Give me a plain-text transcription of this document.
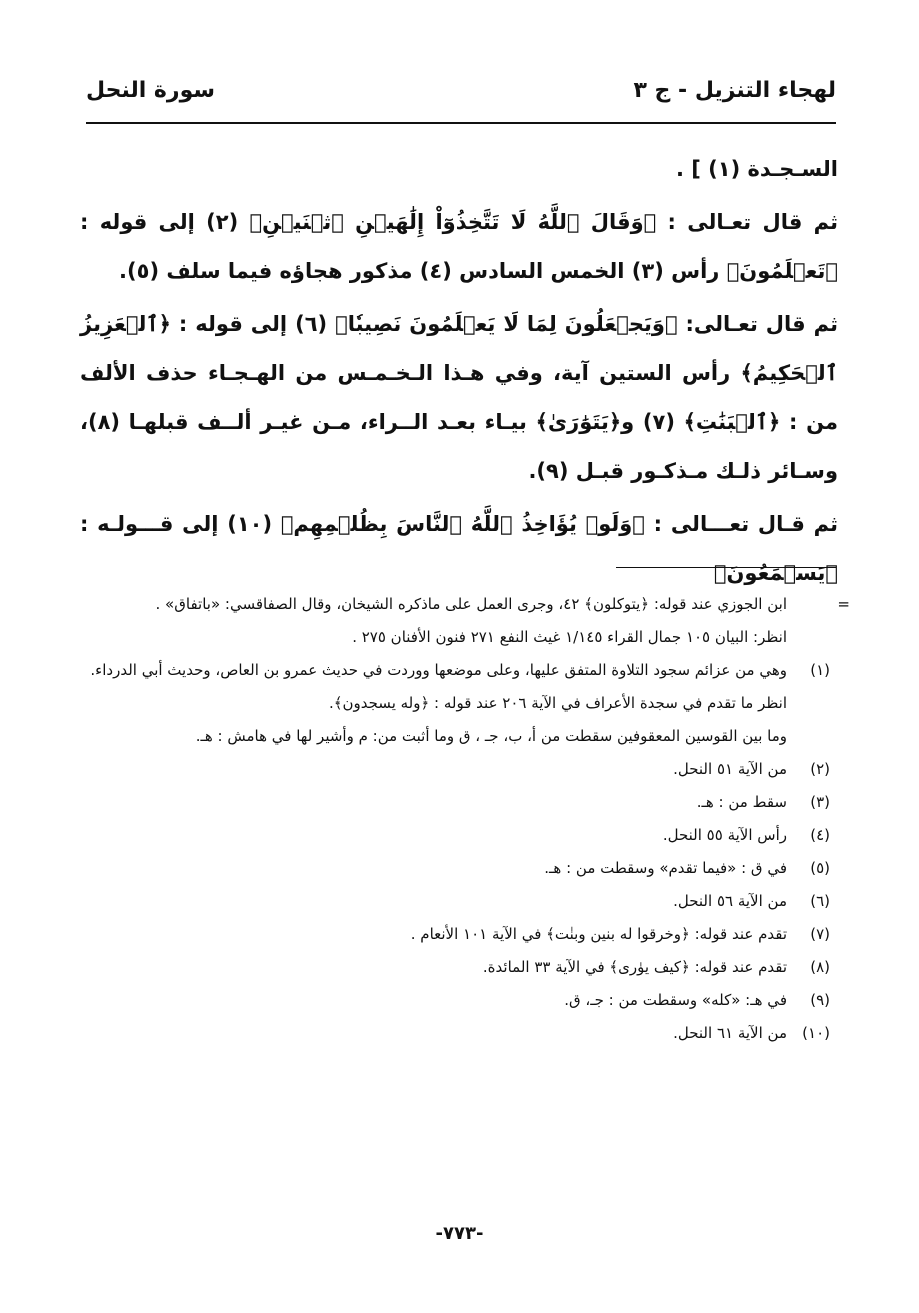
لهجاء التنزيل - ج ٣
سورة النحل

السـجـدة (١) ] .

ثم قال تعـالى : ﴿وَقَالَ ٱللَّهُ لَا تَتَّخِذُوٓاْ إِلَٰهَيۡنِ ٱثۡنَيۡنِ﴾ (٢) إلى قوله : ﴿تَعۡلَمُونَ﴾ رأس (٣) الخمس السادس (٤) مذكور هجاؤه فيما سلف (٥).

ثم قال تعـالى: ﴿وَيَجۡعَلُونَ لِمَا لَا يَعۡلَمُونَ نَصِيبٗا﴾ (٦) إلى قوله : ﴿ٱلۡعَزِيزُ ٱلۡحَكِيمُ﴾ رأس الستين آية، وفي هـذا الـخـمـس من الهـجـاء حذف الألف من : ﴿ٱلۡبَنَٰتِ﴾ (٧) و﴿يَتَوَٰرَىٰ﴾ بيـاء بعـد الــراء، مـن غيـر ألــف قبلهـا (٨)، وسـائر ذلـك مـذكـور قبـل (٩).

ثم قـال تعـــالى : ﴿وَلَوۡ يُؤَاخِذُ ٱللَّهُ ٱلنَّاسَ بِظُلۡمِهِم﴾ (١٠) إلى قـــولـه : ﴿يَسۡمَعُونَ﴾

=
ابن الجوزي عند قوله: ﴿يتوكلون﴾ ٤٢، وجرى العمل على ماذكره الشيخان، وقال الصفاقسي: «باتفاق» .
انظر: البيان ١٠٥ جمال القراء ١/١٤٥ غيث النفع ٢٧١ فنون الأفنان ٢٧٥ .
(١)
وهي من عزائم سجود التلاوة المتفق عليها، وعلى موضعها ووردت في حديث عمرو بن العاص، وحديث أبي الدرداء.
انظر ما تقدم في سجدة الأعراف في الآية ٢٠٦ عند قوله : ﴿وله يسجدون﴾.
وما بين القوسين المعقوفين سقطت من أ، ب، جـ ، ق وما أثبت من: م وأشير لها في هامش : هـ.
(٢)
من الآية ٥١ النحل.
(٣)
سقط من : هـ.
(٤)
رأس الآية ٥٥ النحل.
(٥)
في ق : «فيما تقدم» وسقطت من : هـ.
(٦)
من الآية ٥٦ النحل.
(٧)
تقدم عند قوله: ﴿وخرقوا له بنين وبنٰت﴾ في الآية ١٠١ الأنعام .
(٨)
تقدم عند قوله: ﴿كيف يوٰرى﴾ في الآية ٣٣ المائدة.
(٩)
في هـ: «كله» وسقطت من : جـ، ق.
(١٠)
من الآية ٦١ النحل.
-٧٧٣-
